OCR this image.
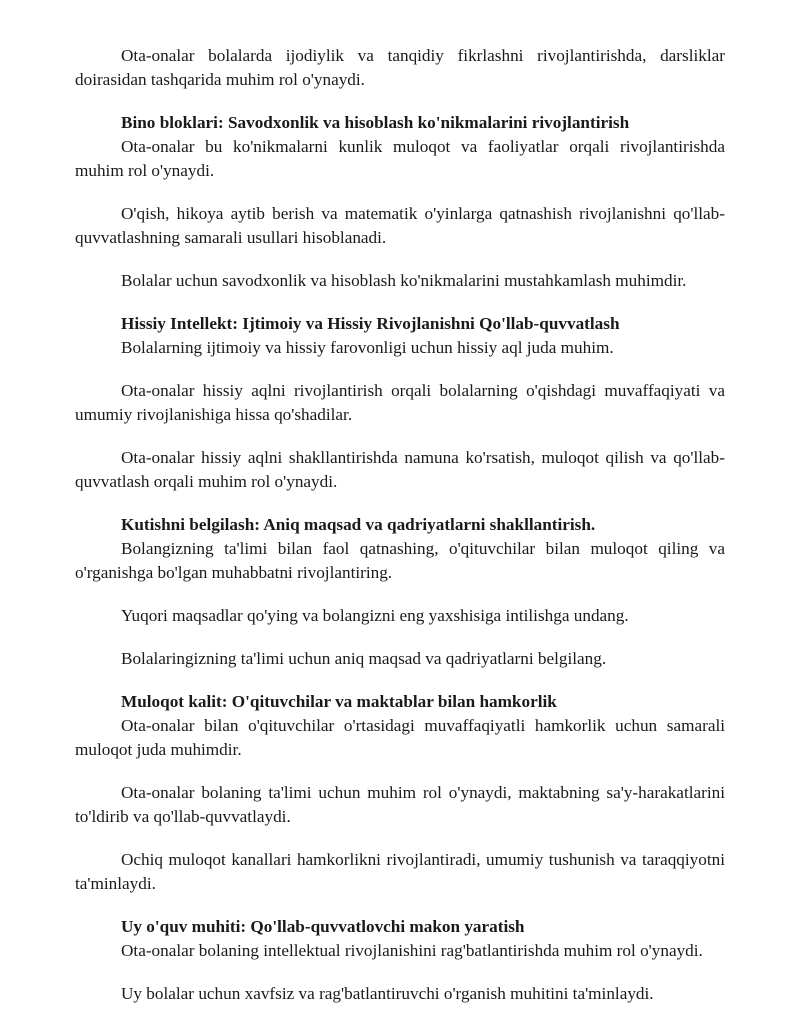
Ota-onalar bolalarda ijodiylik va tanqidiy fikrlashni rivojlantirishda, darsliklar doirasidan tashqarida muhim rol o'ynaydi.

Bino bloklari: Savodxonlik va hisoblash ko'nikmalarini rivojlantirish

Ota-onalar bu ko'nikmalarni kunlik muloqot va faoliyatlar orqali rivojlantirishda muhim rol o'ynaydi.

O'qish, hikoya aytib berish va matematik o'yinlarga qatnashish rivojlanishni qo'llab-quvvatlashning samarali usullari hisoblanadi.

Bolalar uchun savodxonlik va hisoblash ko'nikmalarini mustahkamlash muhimdir.

Hissiy Intellekt: Ijtimoiy va Hissiy Rivojlanishni Qo'llab-quvvatlash

Bolalarning ijtimoiy va hissiy farovonligi uchun hissiy aql juda muhim.

Ota-onalar hissiy aqlni rivojlantirish orqali bolalarning o'qishdagi muvaffaqiyati va umumiy rivojlanishiga hissa qo'shadilar.

Ota-onalar hissiy aqlni shakllantirishda namuna ko'rsatish, muloqot qilish va qo'llab-quvvatlash orqali muhim rol o'ynaydi.

Kutishni belgilash: Aniq maqsad va qadriyatlarni shakllantirish.

Bolangizning ta'limi bilan faol qatnashing, o'qituvchilar bilan muloqot qiling va o'rganishga bo'lgan muhabbatni rivojlantiring.

Yuqori maqsadlar qo'ying va bolangizni eng yaxshisiga intilishga undang.

Bolalaringizning ta'limi uchun aniq maqsad va qadriyatlarni belgilang.

Muloqot kalit: O'qituvchilar va maktablar bilan hamkorlik

Ota-onalar bilan o'qituvchilar o'rtasidagi muvaffaqiyatli hamkorlik uchun samarali muloqot juda muhimdir.

Ota-onalar bolaning ta'limi uchun muhim rol o'ynaydi, maktabning sa'y-harakatlarini to'ldirib va qo'llab-quvvatlaydi.

Ochiq muloqot kanallari hamkorlikni rivojlantiradi, umumiy tushunish va taraqqiyotni ta'minlaydi.

Uy o'quv muhiti: Qo'llab-quvvatlovchi makon yaratish

Ota-onalar bolaning intellektual rivojlanishini rag'batlantirishda muhim rol o'ynaydi.

Uy bolalar uchun xavfsiz va rag'batlantiruvchi o'rganish muhitini ta'minlaydi.
